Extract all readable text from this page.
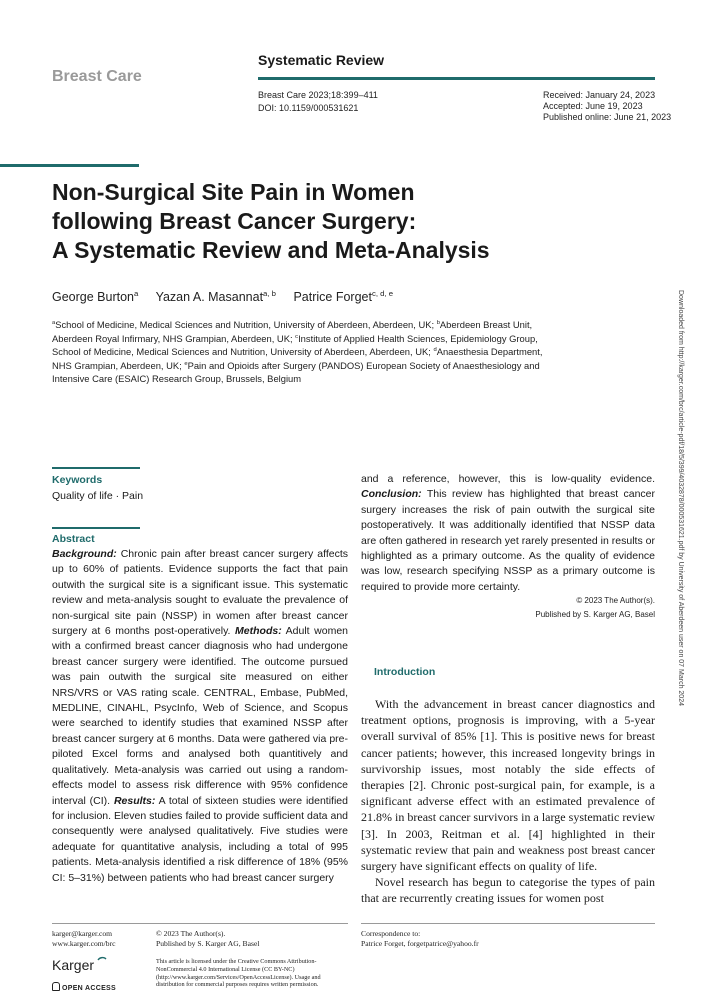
Breast Care
Systematic Review
Breast Care 2023;18:399–411
DOI: 10.1159/000531621
Received: January 24, 2023
Accepted: June 19, 2023
Published online: June 21, 2023
Non-Surgical Site Pain in Women
following Breast Cancer Surgery:
A Systematic Review and Meta-Analysis
George Burton$^a$ Yazan A. Masannat$^{a, b}$ Patrice Forget$^{c, d, e}$
$^a$School of Medicine, Medical Sciences and Nutrition, University of Aberdeen, Aberdeen, UK; $^b$Aberdeen Breast Unit, Aberdeen Royal Infirmary, NHS Grampian, Aberdeen, UK; $^c$Institute of Applied Health Sciences, Epidemiology Group, School of Medicine, Medical Sciences and Nutrition, University of Aberdeen, Aberdeen, UK; $^d$Anaesthesia Department, NHS Grampian, Aberdeen, UK; $^e$Pain and Opioids after Surgery (PANDOS) European Society of Anaesthesiology and Intensive Care (ESAIC) Research Group, Brussels, Belgium	Downloaded from http://karger.com/brc/article-pdf/18/5/399/4032878/000531621.pdf by University of Aberdeen user on 07 March 2024
Keywords
Quality of life · Pain
Abstract

Background: Chronic pain after breast cancer surgery affects up to 60% of patients. Evidence supports the fact that pain outwith the surgical site is a significant issue. This systematic review and meta-analysis sought to evaluate the prevalence of non-surgical site pain (NSSP) in women after breast cancer surgery at 6 months post-operatively. Methods: Adult women with a confirmed breast cancer diagnosis who had undergone breast cancer surgery were identified. The outcome pursued was pain outwith the surgical site measured on either NRS/VRS or VAS rating scale. CENTRAL, Embase, PubMed, MEDLINE, CINAHL, PsycInfo, Web of Science, and Scopus were searched to identify studies that examined NSSP after breast cancer surgery at 6 months. Data were gathered via pre-piloted Excel forms and analysed both quantitively and qualitatively. Meta-analysis was carried out using a random-effects model to assess risk difference with 95% confidence interval (CI). Results: A total of sixteen studies were identified for inclusion. Eleven studies failed to provide sufficient data and consequently were analysed qualitatively. Five studies were adequate for quantitative analysis, including a total of 995 patients. Meta-analysis identified a risk difference of 18% (95% CI: 5–31%) between patients who had breast cancer surgery

and a reference, however, this is low-quality evidence. Conclusion: This review has highlighted that breast cancer surgery increases the risk of pain outwith the surgical site postoperatively. It was additionally identified that NSSP data are often gathered in research yet rarely presented in results or highlighted as a primary outcome. As the quality of evidence was low, research specifying NSSP as a primary outcome is required to provide more certainty.

© 2023 The Author(s).
Published by S. Karger AG, Basel
Introduction

With the advancement in breast cancer diagnostics and treatment options, prognosis is improving, with a 5-year overall survival of 85% [1]. This is positive news for breast cancer patients; however, this increased longevity brings in survivorship issues, most notably the side effects of therapies [2]. Chronic post-surgical pain, for example, is a significant adverse effect with an estimated prevalence of 21.8% in breast cancer survivors in a large systematic review [3]. In 2003, Reitman et al. [4] highlighted in their systematic review that pain and weakness post breast cancer surgery have significant effects on quality of life.

Novel research has begun to categorise the types of pain that are recurrently creating issues for women post

karger@karger.com
www.karger.com/brc
Karger
OPEN ACCESS
© 2023 The Author(s).
Published by S. Karger AG, Basel
This article is licensed under the Creative Commons Attribution-NonCommercial 4.0 International License (CC BY-NC) (http://www.karger.com/Services/OpenAccessLicense). Usage and distribution for commercial purposes requires written permission.
Correspondence to:
Patrice Forget, forgetpatrice@yahoo.fr
